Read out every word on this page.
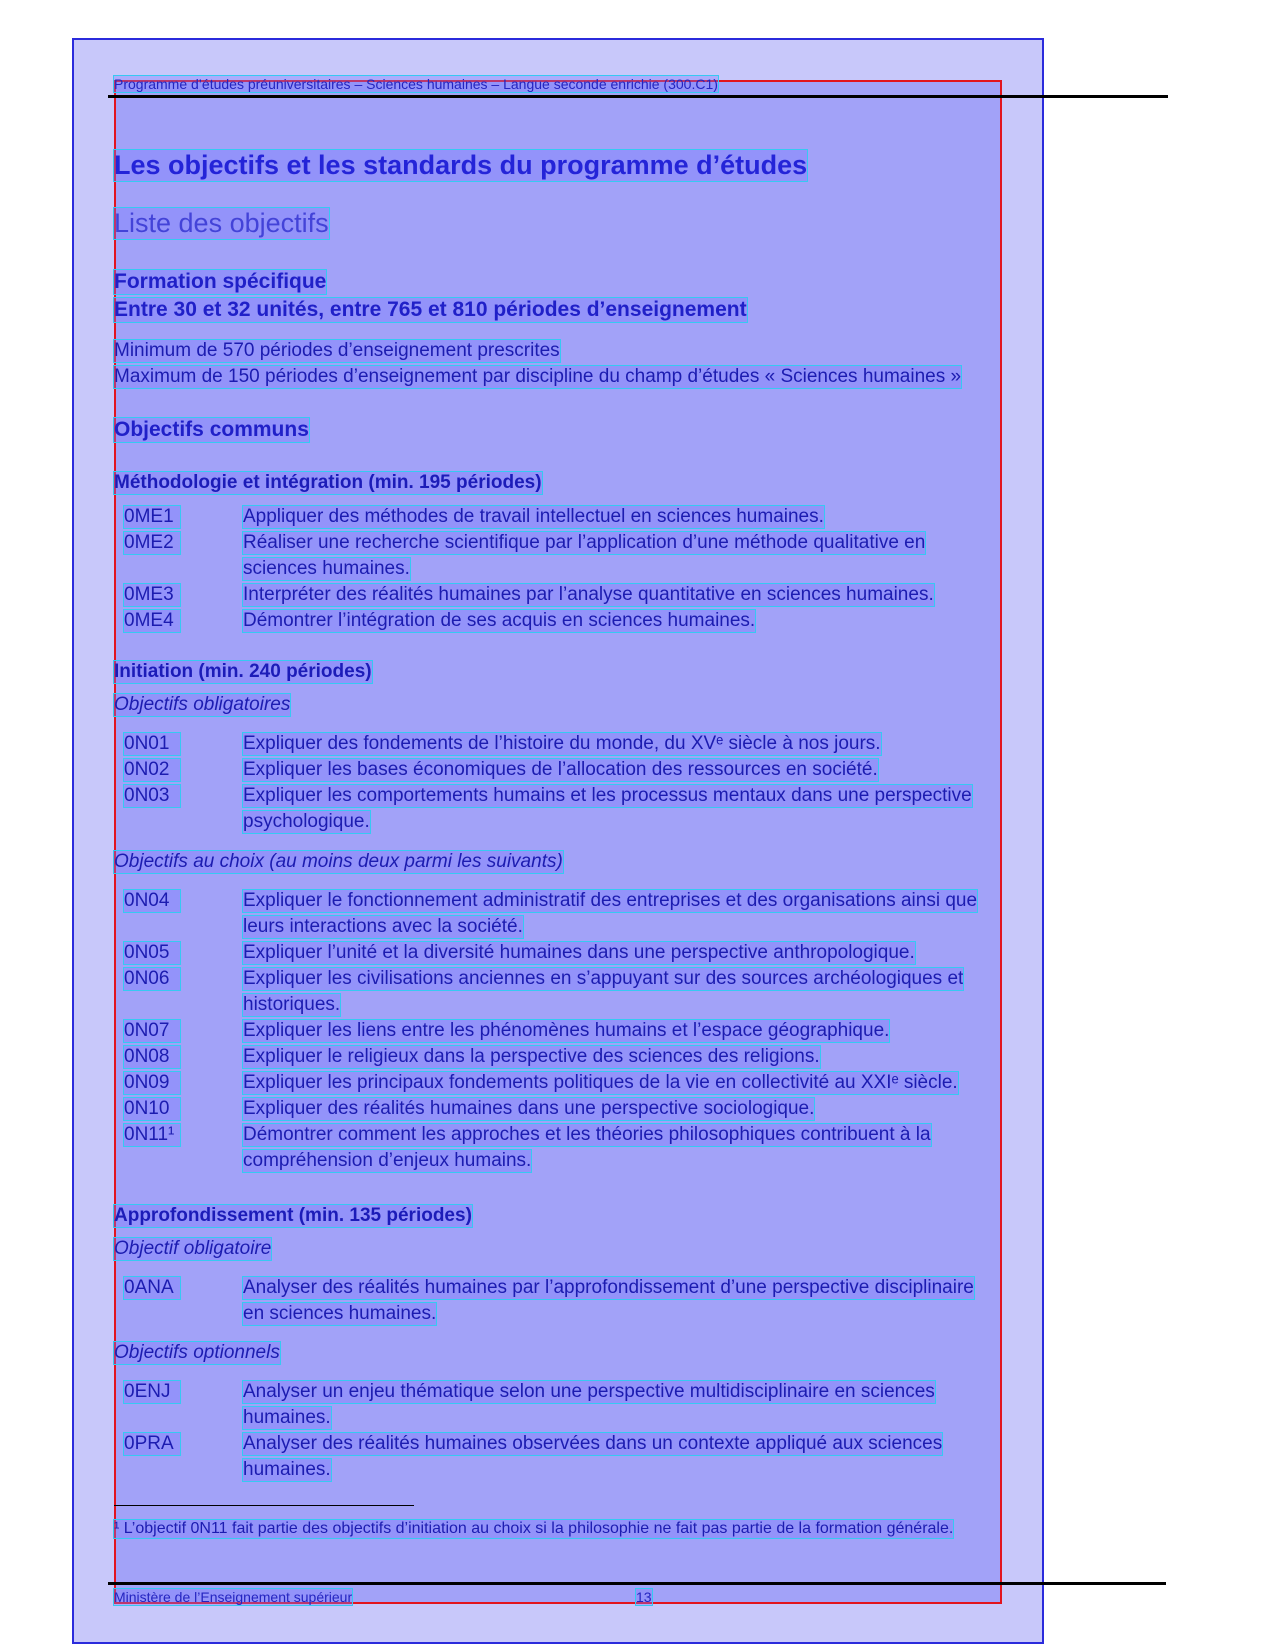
Programme d’études préuniversitaires – Sciences humaines – Langue seconde enrichie (300.C1)
Les objectifs et les standards du programme d’études
Liste des objectifs
Formation spécifique
Entre 30 et 32 unités, entre 765 et 810 périodes d’enseignement
Minimum de 570 périodes d’enseignement prescrites
Maximum de 150 périodes d’enseignement par discipline du champ d’études « Sciences humaines »
Objectifs communs
Méthodologie et intégration (min. 195 périodes)
0ME1	Appliquer des méthodes de travail intellectuel en sciences humaines.
0ME2	Réaliser une recherche scientifique par l’application d’une méthode qualitative en
sciences humaines.
0ME3	Interpréter des réalités humaines par l’analyse quantitative en sciences humaines.
0ME4	Démontrer l’intégration de ses acquis en sciences humaines.
Initiation (min. 240 périodes)
Objectifs obligatoires
0N01	Expliquer des fondements de l’histoire du monde, du XVᵉ siècle à nos jours.
0N02	Expliquer les bases économiques de l’allocation des ressources en société.
0N03	Expliquer les comportements humains et les processus mentaux dans une perspective
psychologique.
Objectifs au choix (au moins deux parmi les suivants)
0N04	Expliquer le fonctionnement administratif des entreprises et des organisations ainsi que
leurs interactions avec la société.
0N05	Expliquer l’unité et la diversité humaines dans une perspective anthropologique.
0N06	Expliquer les civilisations anciennes en s’appuyant sur des sources archéologiques et
historiques.
0N07	Expliquer les liens entre les phénomènes humains et l’espace géographique.
0N08	Expliquer le religieux dans la perspective des sciences des religions.
0N09	Expliquer les principaux fondements politiques de la vie en collectivité au XXIᵉ siècle.
0N10	Expliquer des réalités humaines dans une perspective sociologique.
0N11¹	Démontrer comment les approches et les théories philosophiques contribuent à la
compréhension d’enjeux humains.
Approfondissement (min. 135 périodes)
Objectif obligatoire
0ANA	Analyser des réalités humaines par l’approfondissement d’une perspective disciplinaire
en sciences humaines.
Objectifs optionnels
0ENJ	Analyser un enjeu thématique selon une perspective multidisciplinaire en sciences
humaines.
0PRA	Analyser des réalités humaines observées dans un contexte appliqué aux sciences
humaines.
¹ L’objectif 0N11 fait partie des objectifs d’initiation au choix si la philosophie ne fait pas partie de la formation générale.
Ministère de l’Enseignement supérieur	13
